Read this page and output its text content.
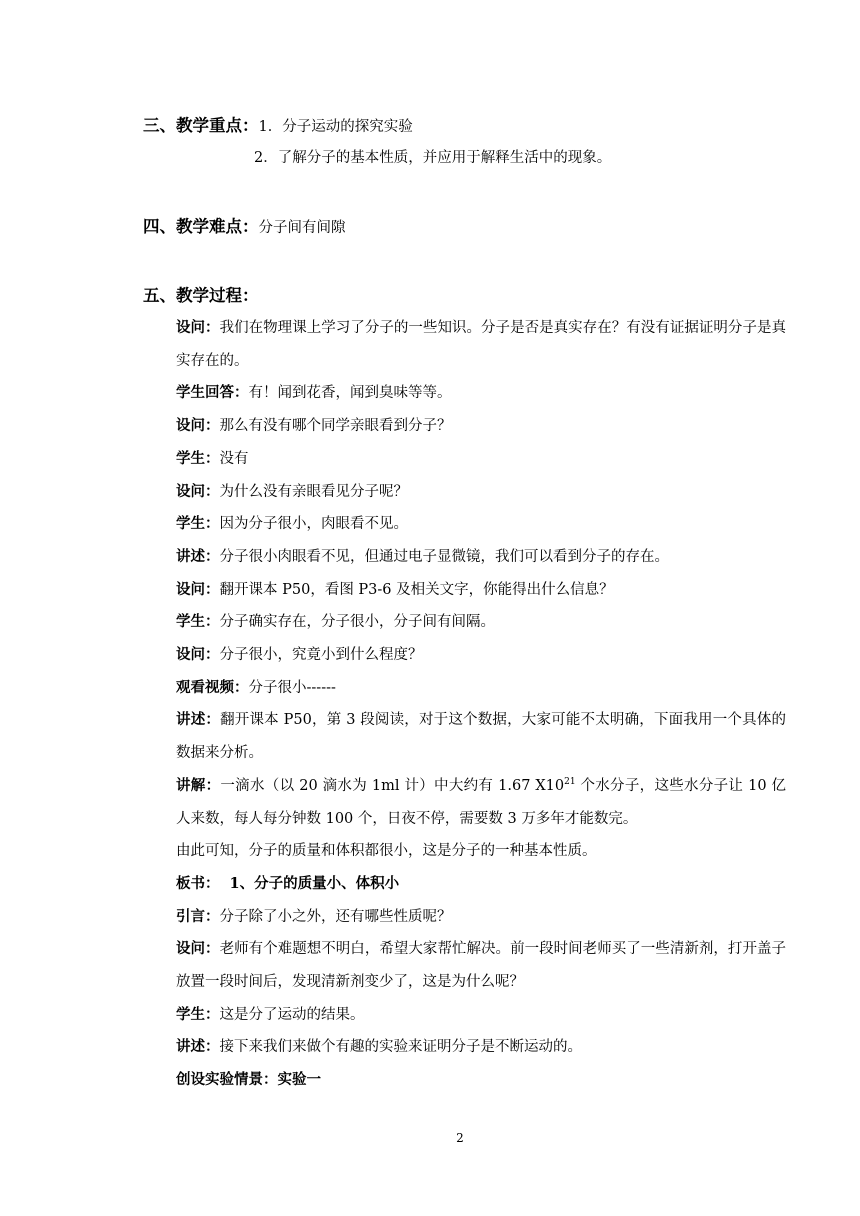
三、教学重点：1．分子运动的探究实验
2．了解分子的基本性质，并应用于解释生活中的现象。
四、教学难点：分子间有间隙
五、教学过程：

设问：我们在物理课上学习了分子的一些知识。分子是否是真实存在？有没有证据证明分子是真实存在的。

学生回答：有！闻到花香，闻到臭味等等。

设问：那么有没有哪个同学亲眼看到分子？

学生：没有

设问：为什么没有亲眼看见分子呢？

学生：因为分子很小，肉眼看不见。

讲述：分子很小肉眼看不见，但通过电子显微镜，我们可以看到分子的存在。

设问：翻开课本 P50，看图 P3-6 及相关文字，你能得出什么信息？

学生：分子确实存在，分子很小，分子间有间隔。

设问：分子很小，究竟小到什么程度？

观看视频：分子很小------

讲述：翻开课本 P50，第 3 段阅读，对于这个数据，大家可能不太明确，下面我用一个具体的数据来分析。

讲解：一滴水（以 20 滴水为 1ml 计）中大约有 1.67 $X10^{21}$ 个水分子，这些水分子让 10 亿人来数，每人每分钟数 100 个，日夜不停，需要数 3 万多年才能数完。

由此可知，分子的质量和体积都很小，这是分子的一种基本性质。

板书： 1、分子的质量小、体积小

引言：分子除了小之外，还有哪些性质呢？

设问：老师有个难题想不明白，希望大家帮忙解决。前一段时间老师买了一些清新剂，打开盖子放置一段时间后，发现清新剂变少了，这是为什么呢？

学生：这是分了运动的结果。

讲述：接下来我们来做个有趣的实验来证明分子是不断运动的。

创设实验情景：实验一

2
